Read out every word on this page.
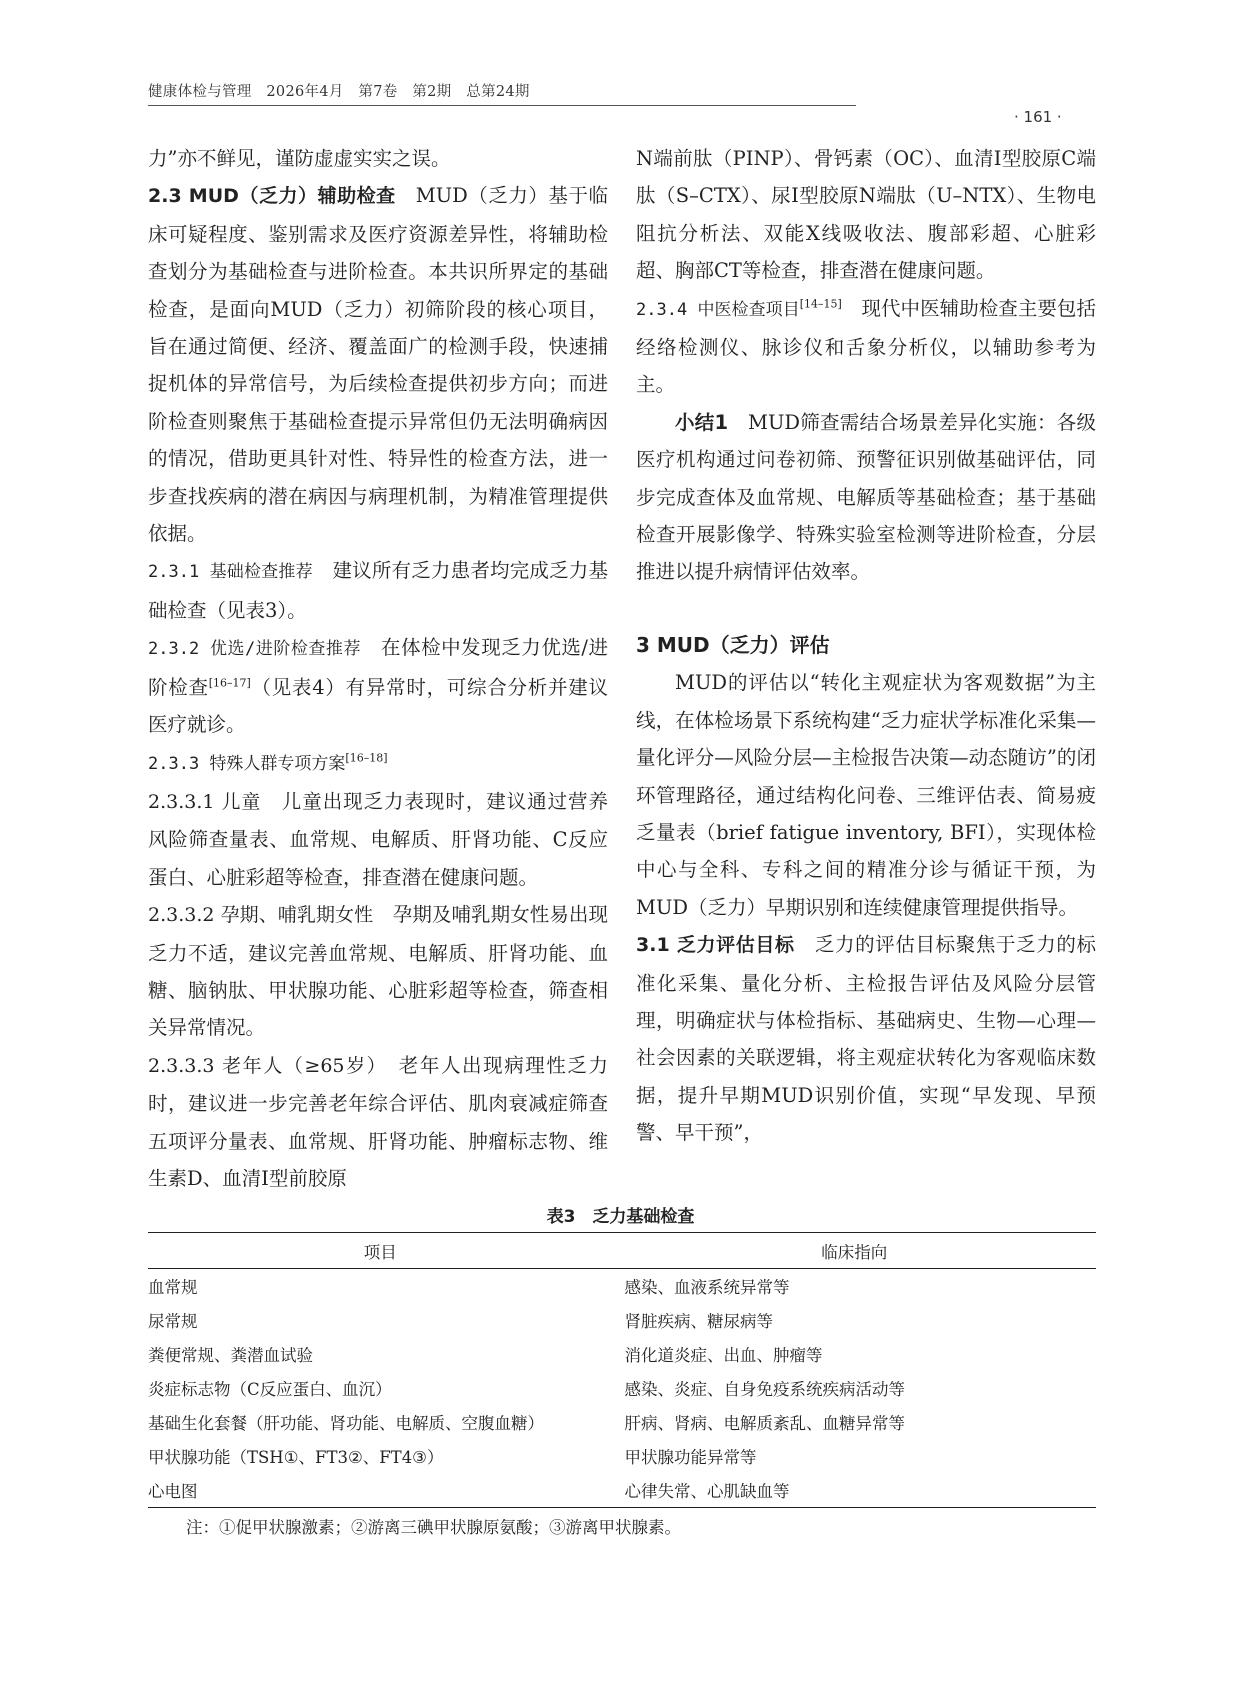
健康体检与管理　2026年4月　第7卷　第2期　总第24期
· 161 ·

力”亦不鲜见，谨防虚虚实实之误。

2.3 MUD（乏力）辅助检查　MUD（乏力）基于临床可疑程度、鉴别需求及医疗资源差异性，将辅助检查划分为基础检查与进阶检查。本共识所界定的基础检查，是面向MUD（乏力）初筛阶段的核心项目，旨在通过简便、经济、覆盖面广的检测手段，快速捕捉机体的异常信号，为后续检查提供初步方向；而进阶检查则聚焦于基础检查提示异常但仍无法明确病因的情况，借助更具针对性、特异性的检查方法，进一步查找疾病的潜在病因与病理机制，为精准管理提供依据。

2.3.1 基础检查推荐　建议所有乏力患者均完成乏力基础检查（见表3）。

2.3.2 优选/进阶检查推荐　在体检中发现乏力优选/进阶检查[16–17]（见表4）有异常时，可综合分析并建议医疗就诊。

2.3.3 特殊人群专项方案[16–18]

2.3.3.1 儿童　儿童出现乏力表现时，建议通过营养风险筛查量表、血常规、电解质、肝肾功能、C反应蛋白、心脏彩超等检查，排查潜在健康问题。

2.3.3.2 孕期、哺乳期女性　孕期及哺乳期女性易出现乏力不适，建议完善血常规、电解质、肝肾功能、血糖、脑钠肽、甲状腺功能、心脏彩超等检查，筛查相关异常情况。

2.3.3.3 老年人（≥65岁）　老年人出现病理性乏力时，建议进一步完善老年综合评估、肌肉衰减症筛查五项评分量表、血常规、肝肾功能、肿瘤标志物、维生素D、血清Ⅰ型前胶原

N端前肽（PINP）、骨钙素（OC）、血清Ⅰ型胶原C端肽（S–CTX）、尿Ⅰ型胶原N端肽（U–NTX）、生物电阻抗分析法、双能X线吸收法、腹部彩超、心脏彩超、胸部CT等检查，排查潜在健康问题。

2.3.4 中医检查项目[14–15]　现代中医辅助检查主要包括经络检测仪、脉诊仪和舌象分析仪，以辅助参考为主。

小结1　MUD筛查需结合场景差异化实施：各级医疗机构通过问卷初筛、预警征识别做基础评估，同步完成查体及血常规、电解质等基础检查；基于基础检查开展影像学、特殊实验室检测等进阶检查，分层推进以提升病情评估效率。

3 MUD（乏力）评估

MUD的评估以“转化主观症状为客观数据”为主线，在体检场景下系统构建“乏力症状学标准化采集—量化评分—风险分层—主检报告决策—动态随访”的闭环管理路径，通过结构化问卷、三维评估表、简易疲乏量表（brief fatigue inventory, BFI），实现体检中心与全科、专科之间的精准分诊与循证干预，为MUD（乏力）早期识别和连续健康管理提供指导。

3.1 乏力评估目标　乏力的评估目标聚焦于乏力的标准化采集、量化分析、主检报告评估及风险分层管理，明确症状与体检指标、基础病史、生物—心理—社会因素的关联逻辑，将主观症状转化为客观临床数据，提升早期MUD识别价值，实现“早发现、早预警、早干预”，

表3　乏力基础检查
项目	临床指向
血常规	感染、血液系统异常等
尿常规	肾脏疾病、糖尿病等
粪便常规、粪潜血试验	消化道炎症、出血、肿瘤等
炎症标志物（C反应蛋白、血沉）	感染、炎症、自身免疫系统疾病活动等
基础生化套餐（肝功能、肾功能、电解质、空腹血糖）	肝病、肾病、电解质紊乱、血糖异常等
甲状腺功能（TSH①、FT3②、FT4③）	甲状腺功能异常等
心电图	心律失常、心肌缺血等
注：①促甲状腺激素；②游离三碘甲状腺原氨酸；③游离甲状腺素。
